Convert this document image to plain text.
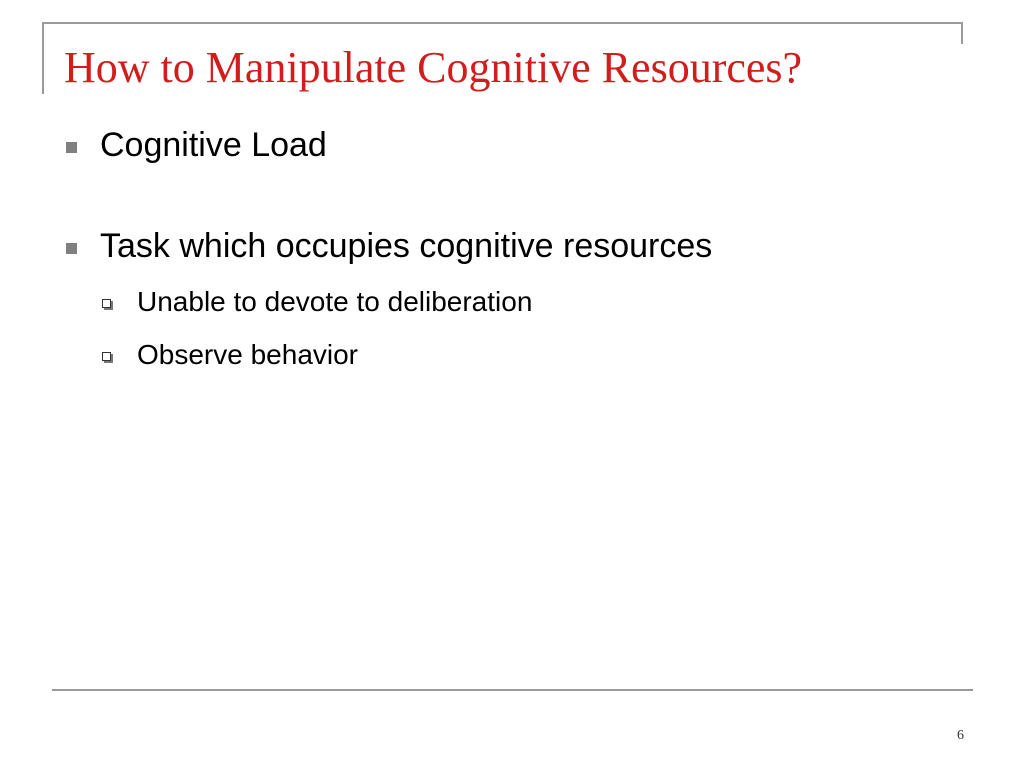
How to Manipulate Cognitive Resources?
Cognitive Load
Task which occupies cognitive resources
Unable to devote to deliberation
Observe behavior
6
